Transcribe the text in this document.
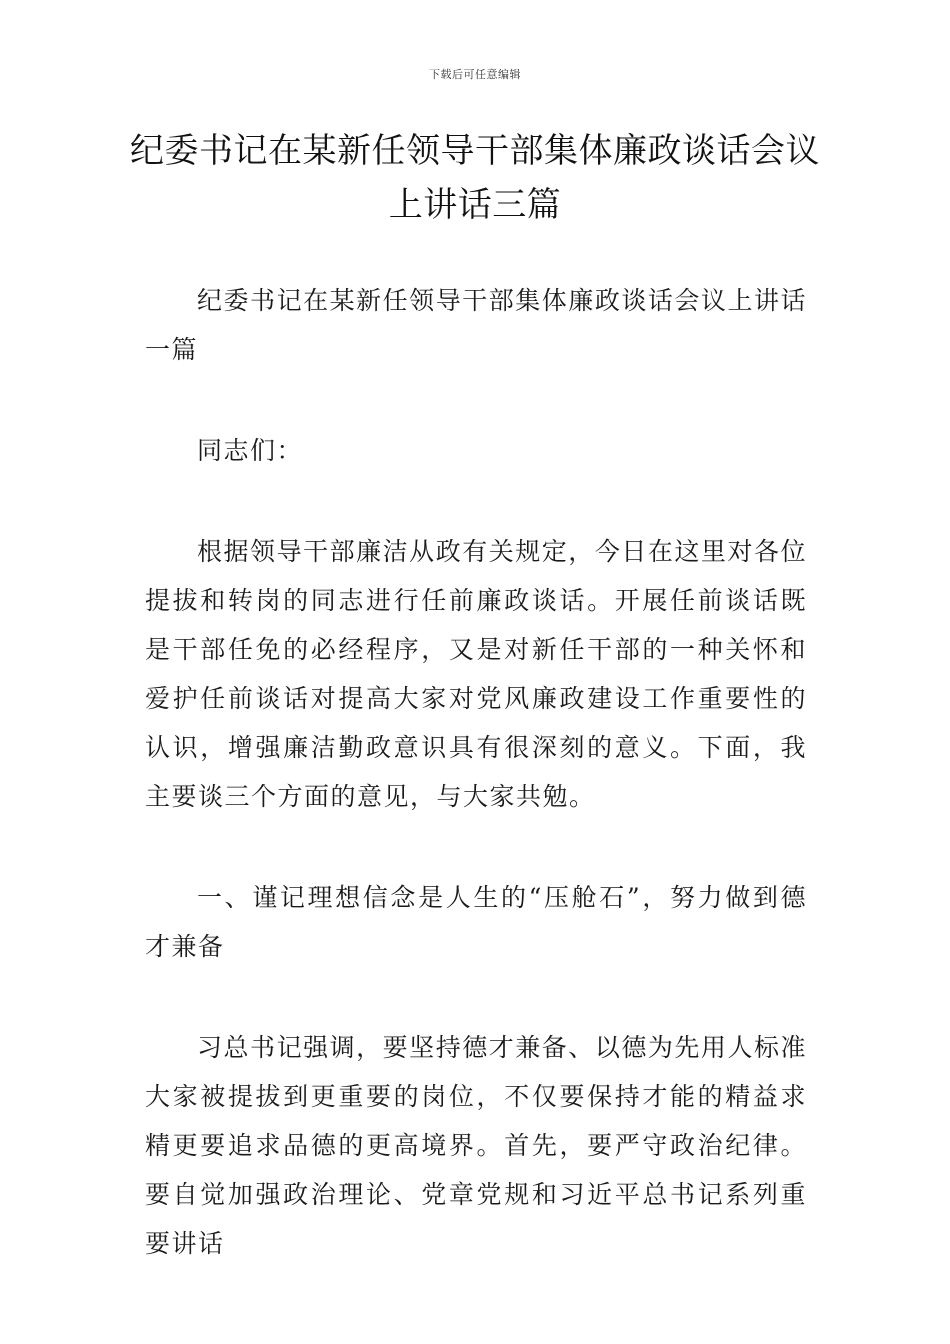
下载后可任意编辑
纪委书记在某新任领导干部集体廉政谈话会议上讲话三篇

纪委书记在某新任领导干部集体廉政谈话会议上讲话一篇

同志们：

根据领导干部廉洁从政有关规定，今日在这里对各位提拔和转岗的同志进行任前廉政谈话。开展任前谈话既是干部任免的必经程序，又是对新任干部的一种关怀和爱护任前谈话对提高大家对党风廉政建设工作重要性的认识，增强廉洁勤政意识具有很深刻的意义。下面，我主要谈三个方面的意见，与大家共勉。

一、谨记理想信念是人生的“压舱石”，努力做到德才兼备

习总书记强调，要坚持德才兼备、以德为先用人标准大家被提拔到更重要的岗位，不仅要保持才能的精益求精更要追求品德的更高境界。首先，要严守政治纪律。要自觉加强政治理论、党章党规和习近平总书记系列重要讲话
